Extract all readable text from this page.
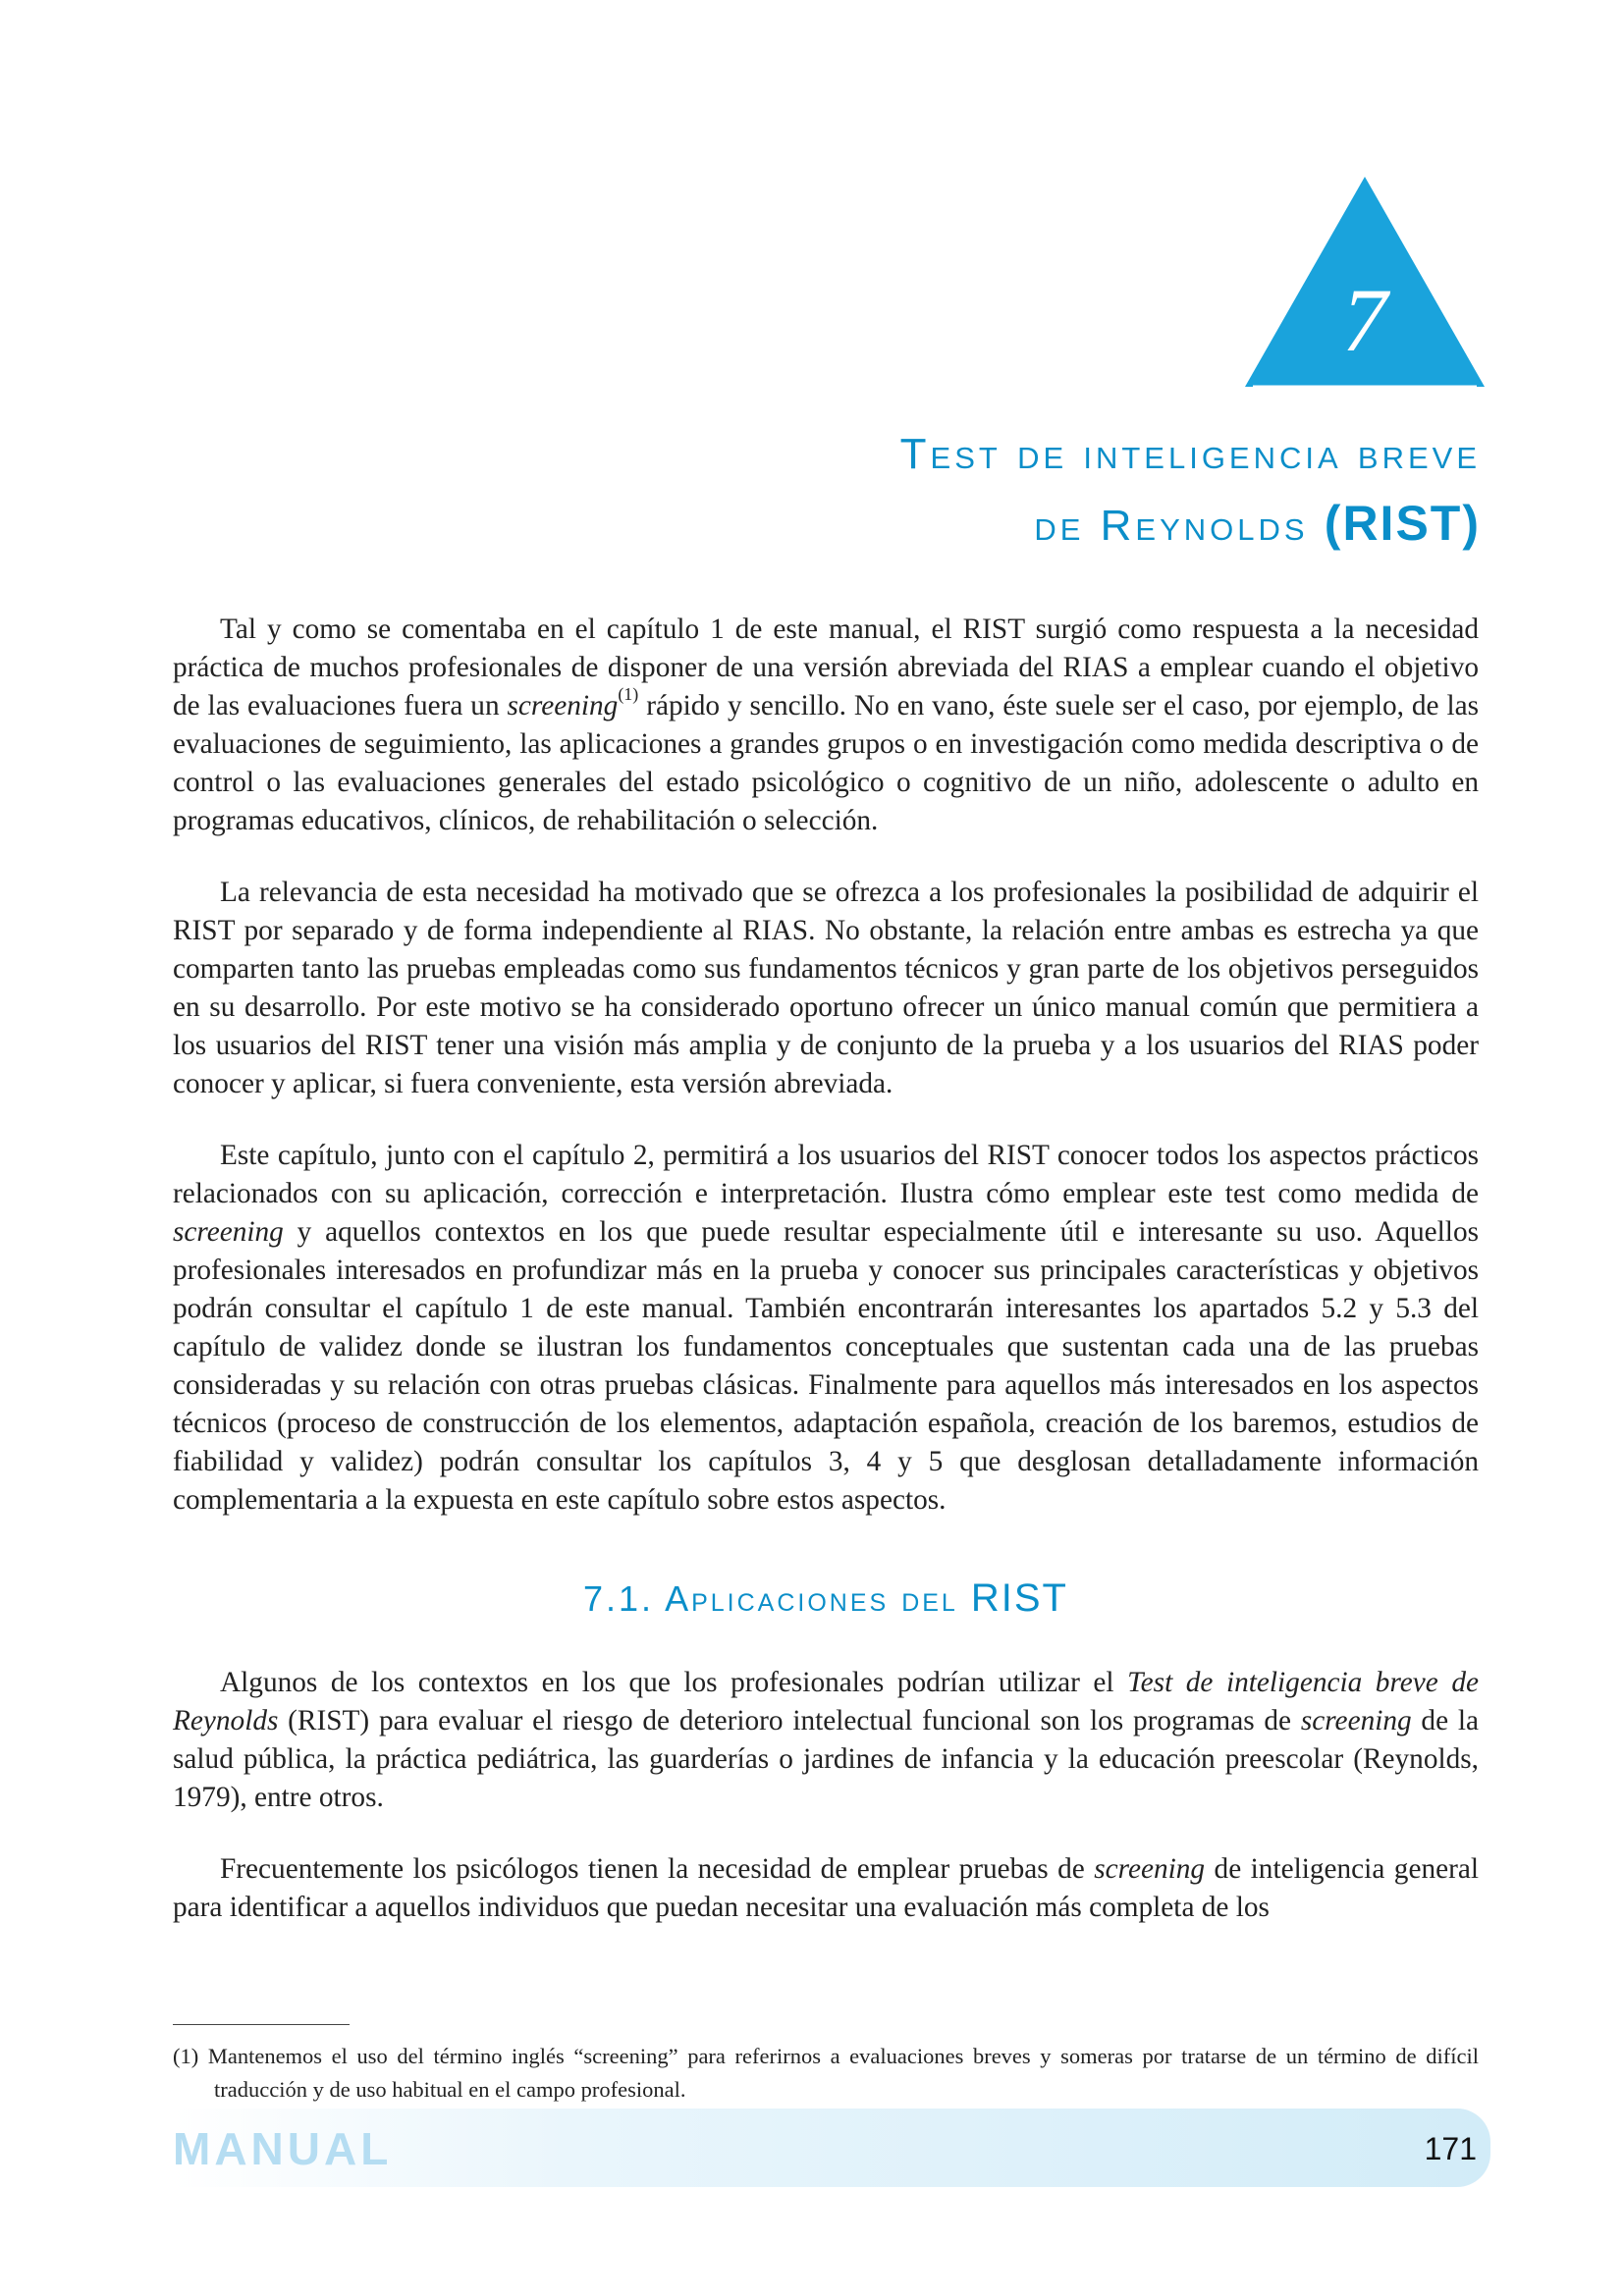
7
Test de inteligencia breve
de Reynolds (RIST)

Tal y como se comentaba en el capítulo 1 de este manual, el RIST surgió como respuesta a la necesidad práctica de muchos profesionales de disponer de una versión abreviada del RIAS a emplear cuando el objetivo de las evaluaciones fuera un screening$^{(1)}$ rápido y sencillo. No en vano, éste suele ser el caso, por ejemplo, de las evaluaciones de seguimiento, las aplicaciones a grandes grupos o en investigación como medida descriptiva o de control o las evaluaciones generales del estado psicológico o cognitivo de un niño, adolescente o adulto en programas educativos, clínicos, de rehabilitación o selección.

La relevancia de esta necesidad ha motivado que se ofrezca a los profesionales la posibilidad de adquirir el RIST por separado y de forma independiente al RIAS. No obstante, la relación entre ambas es estrecha ya que comparten tanto las pruebas empleadas como sus fundamentos técnicos y gran parte de los objetivos perseguidos en su desarrollo. Por este motivo se ha considerado oportuno ofrecer un único manual común que permitiera a los usuarios del RIST tener una visión más amplia y de conjunto de la prueba y a los usuarios del RIAS poder conocer y aplicar, si fuera conveniente, esta versión abreviada.

Este capítulo, junto con el capítulo 2, permitirá a los usuarios del RIST conocer todos los aspectos prácticos relacionados con su aplicación, corrección e interpretación. Ilustra cómo emplear este test como medida de screening y aquellos contextos en los que puede resultar especialmente útil e interesante su uso. Aquellos profesionales interesados en profundizar más en la prueba y conocer sus principales características y objetivos podrán consultar el capítulo 1 de este manual. También encontrarán interesantes los apartados 5.2 y 5.3 del capítulo de validez donde se ilustran los fundamentos conceptuales que sustentan cada una de las pruebas consideradas y su relación con otras pruebas clásicas. Finalmente para aquellos más interesados en los aspectos técnicos (proceso de construcción de los elementos, adaptación española, creación de los baremos, estudios de fiabilidad y validez) podrán consultar los capítulos 3, 4 y 5 que desglosan detalladamente información complementaria a la expuesta en este capítulo sobre estos aspectos.

7.1. Aplicaciones del RIST

Algunos de los contextos en los que los profesionales podrían utilizar el Test de inteligencia breve de Reynolds (RIST) para evaluar el riesgo de deterioro intelectual funcional son los programas de screening de la salud pública, la práctica pediátrica, las guarderías o jardines de infancia y la educación preescolar (Reynolds, 1979), entre otros.

Frecuentemente los psicólogos tienen la necesidad de emplear pruebas de screening de inteligencia general para identificar a aquellos individuos que puedan necesitar una evaluación más completa de los

(1) Mantenemos el uso del término inglés “screening” para referirnos a evaluaciones breves y someras por tratarse de un término de difícil traducción y de uso habitual en el campo profesional.
MANUAL	171
